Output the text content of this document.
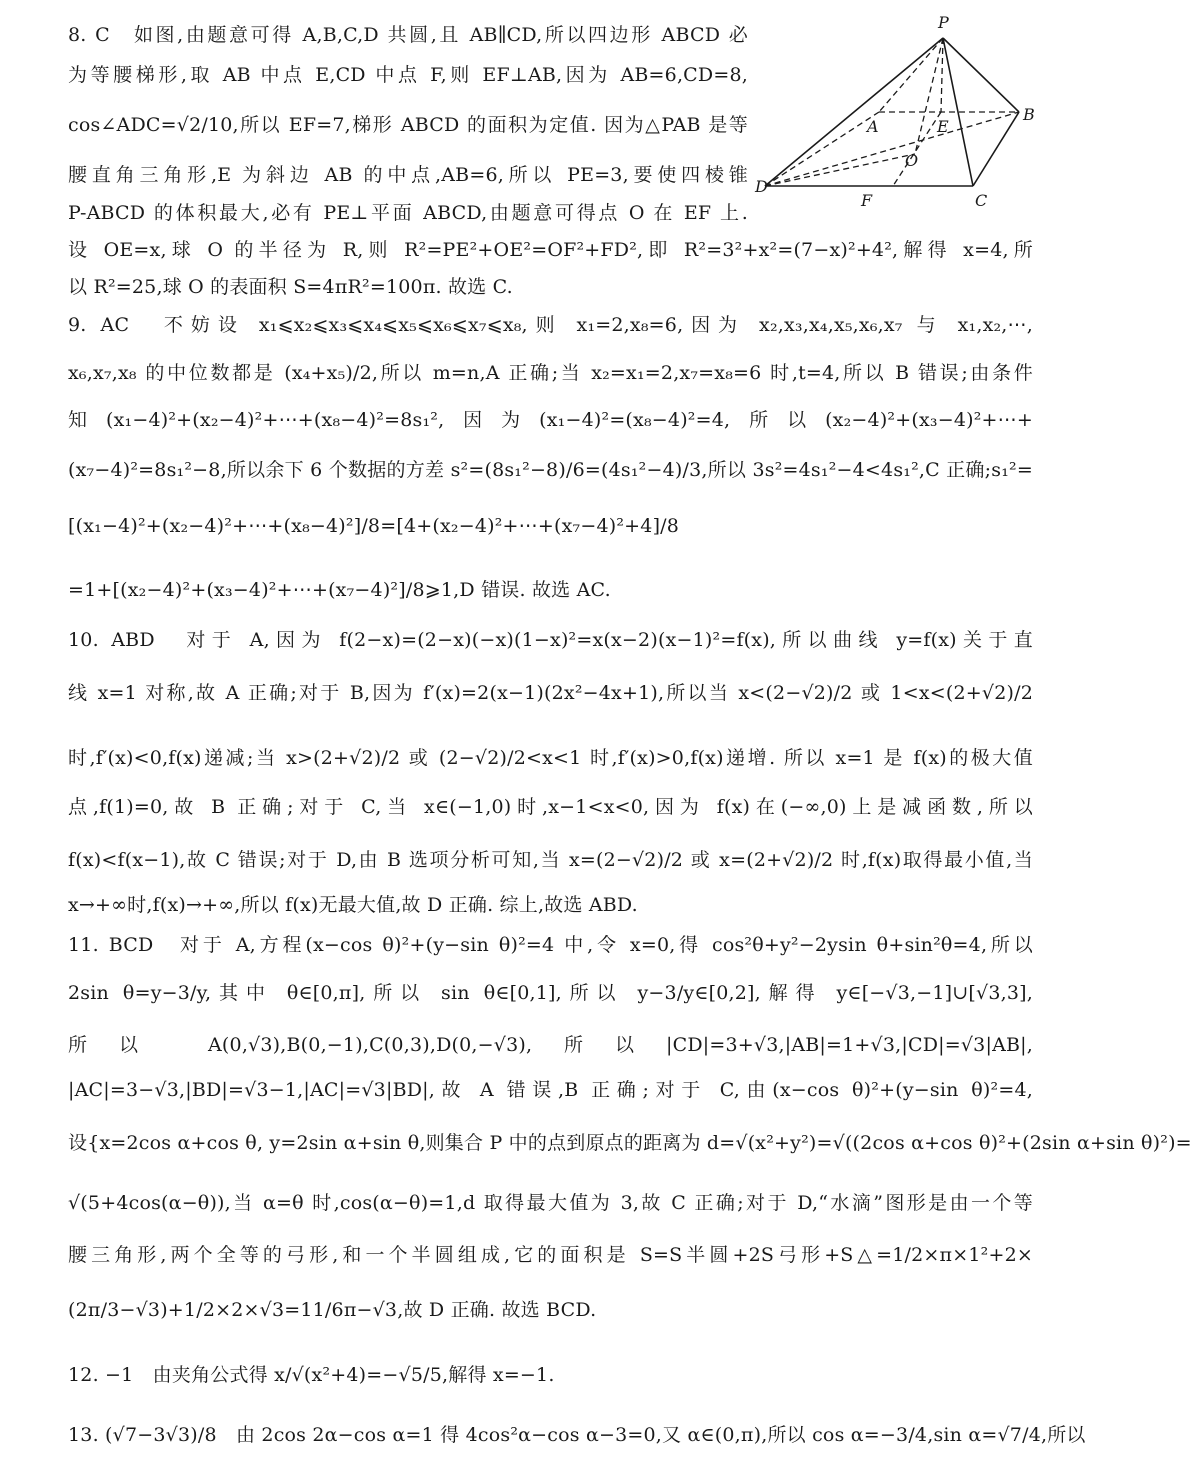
P
A	E
B
O
D
F	C
8. C　如图,由题意可得 A,B,C,D 共圆,且 AB∥CD,所以四边形 ABCD 必
为等腰梯形,取 AB 中点 E,CD 中点 F,则 EF⊥AB,因为 AB=6,CD=8,
cos∠ADC=√2/10,所以 EF=7,梯形 ABCD 的面积为定值. 因为△PAB 是等
腰直角三角形,E 为斜边 AB 的中点,AB=6,所以 PE=3,要使四棱锥
P-ABCD 的体积最大,必有 PE⊥平面 ABCD,由题意可得点 O 在 EF 上.
设 OE=x,球 O 的半径为 R,则 R²=PE²+OE²=OF²+FD²,即 R²=3²+x²=(7−x)²+4²,解得 x=4,所
以 R²=25,球 O 的表面积 S=4πR²=100π. 故选 C.
9. AC　不妨设 x₁⩽x₂⩽x₃⩽x₄⩽x₅⩽x₆⩽x₇⩽x₈,则 x₁=2,x₈=6,因为 x₂,x₃,x₄,x₅,x₆,x₇ 与 x₁,x₂,⋯,
x₆,x₇,x₈ 的中位数都是 (x₄+x₅)/2,所以 m=n,A 正确;当 x₂=x₁=2,x₇=x₈=6 时,t=4,所以 B 错误;由条件
知(x₁−4)²+(x₂−4)²+⋯+(x₈−4)²=8s₁²,因为(x₁−4)²=(x₈−4)²=4,所以(x₂−4)²+(x₃−4)²+⋯+
(x₇−4)²=8s₁²−8,所以余下 6 个数据的方差 s²=(8s₁²−8)/6=(4s₁²−4)/3,所以 3s²=4s₁²−4<4s₁²,C 正确;s₁²=
[(x₁−4)²+(x₂−4)²+⋯+(x₈−4)²]/8=[4+(x₂−4)²+⋯+(x₇−4)²+4]/8
=1+[(x₂−4)²+(x₃−4)²+⋯+(x₇−4)²]/8⩾1,D 错误. 故选 AC.
10. ABD　对于 A,因为 f(2−x)=(2−x)(−x)(1−x)²=x(x−2)(x−1)²=f(x),所以曲线 y=f(x)关于直
线 x=1 对称,故 A 正确;对于 B,因为 f′(x)=2(x−1)(2x²−4x+1),所以当 x<(2−√2)/2 或 1<x<(2+√2)/2
时,f′(x)<0,f(x)递减;当 x>(2+√2)/2 或 (2−√2)/2<x<1 时,f′(x)>0,f(x)递增. 所以 x=1 是 f(x)的极大值
点,f(1)=0,故 B 正确;对于 C,当 x∈(−1,0)时,x−1<x<0,因为 f(x)在(−∞,0)上是减函数,所以
f(x)<f(x−1),故 C 错误;对于 D,由 B 选项分析可知,当 x=(2−√2)/2 或 x=(2+√2)/2 时,f(x)取得最小值,当
x→+∞时,f(x)→+∞,所以 f(x)无最大值,故 D 正确. 综上,故选 ABD.
11. BCD　对于 A,方程(x−cos θ)²+(y−sin θ)²=4 中,令 x=0,得 cos²θ+y²−2ysin θ+sin²θ=4,所以
2sin θ=y−3/y,其中 θ∈[0,π],所以 sin θ∈[0,1],所以 y−3/y∈[0,2],解得 y∈[−√3,−1]∪[√3,3],
所以 A(0,√3),B(0,−1),C(0,3),D(0,−√3),所以|CD|=3+√3,|AB|=1+√3,|CD|=√3|AB|,
|AC|=3−√3,|BD|=√3−1,|AC|=√3|BD|,故 A 错误,B 正确;对于 C,由(x−cos θ)²+(y−sin θ)²=4,
设{x=2cos α+cos θ, y=2sin α+sin θ,则集合 P 中的点到原点的距离为 d=√(x²+y²)=√((2cos α+cos θ)²+(2sin α+sin θ)²)=
√(5+4cos(α−θ)),当 α=θ 时,cos(α−θ)=1,d 取得最大值为 3,故 C 正确;对于 D,“水滴”图形是由一个等
腰三角形,两个全等的弓形,和一个半圆组成,它的面积是 S=S半圆+2S弓形+S△=1/2×π×1²+2×
(2π/3−√3)+1/2×2×√3=11/6π−√3,故 D 正确. 故选 BCD.
12. −1　由夹角公式得 x/√(x²+4)=−√5/5,解得 x=−1.
13. (√7−3√3)/8　由 2cos 2α−cos α=1 得 4cos²α−cos α−3=0,又 α∈(0,π),所以 cos α=−3/4,sin α=√7/4,所以
